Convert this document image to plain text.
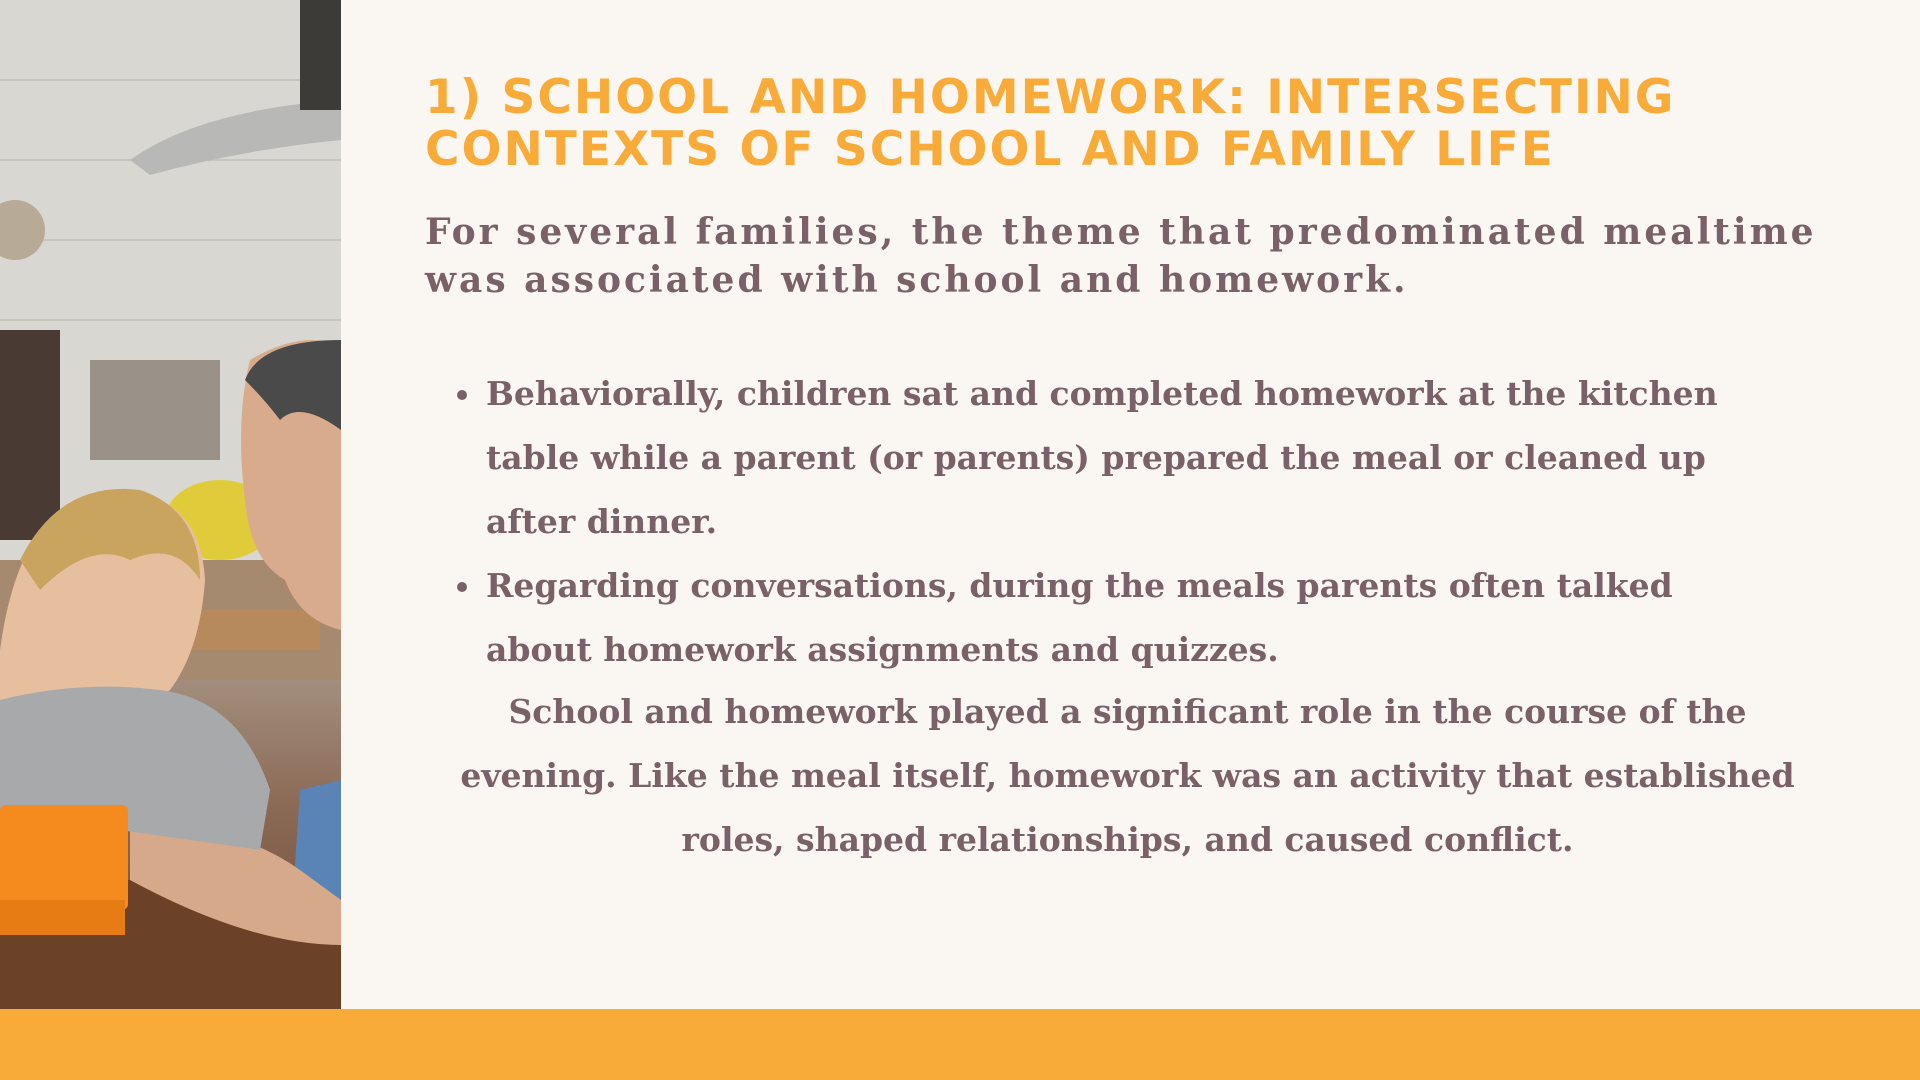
1) SCHOOL AND HOMEWORK: INTERSECTING CONTEXTS OF SCHOOL AND FAMILY LIFE
For several families, the theme that predominated mealtime was associated with school and homework.
Behaviorally, children sat and completed homework at the kitchen table while a parent (or parents) prepared the meal or cleaned up after dinner.
Regarding conversations, during the meals parents often talked about homework assignments and quizzes.
School and homework played a significant role in the course of the evening. Like the meal itself, homework was an activity that established roles, shaped relationships, and caused conflict.
